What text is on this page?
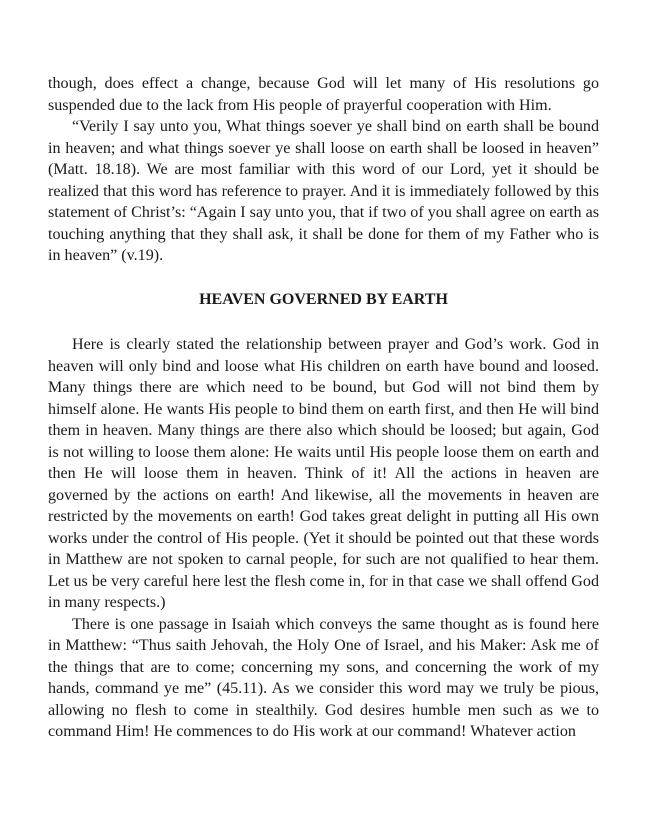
though, does effect a change, because God will let many of His resolutions go suspended due to the lack from His people of prayerful cooperation with Him.

“Verily I say unto you, What things soever ye shall bind on earth shall be bound in heaven; and what things soever ye shall loose on earth shall be loosed in heaven” (Matt. 18.18). We are most familiar with this word of our Lord, yet it should be realized that this word has reference to prayer. And it is immediately followed by this statement of Christ’s: “Again I say unto you, that if two of you shall agree on earth as touching anything that they shall ask, it shall be done for them of my Father who is in heaven” (v.19).

HEAVEN GOVERNED BY EARTH

Here is clearly stated the relationship between prayer and God’s work. God in heaven will only bind and loose what His children on earth have bound and loosed. Many things there are which need to be bound, but God will not bind them by himself alone. He wants His people to bind them on earth first, and then He will bind them in heaven. Many things are there also which should be loosed; but again, God is not willing to loose them alone: He waits until His people loose them on earth and then He will loose them in heaven. Think of it! All the actions in heaven are governed by the actions on earth! And likewise, all the movements in heaven are restricted by the movements on earth! God takes great delight in putting all His own works under the control of His people. (Yet it should be pointed out that these words in Matthew are not spoken to carnal people, for such are not qualified to hear them. Let us be very careful here lest the flesh come in, for in that case we shall offend God in many respects.)

There is one passage in Isaiah which conveys the same thought as is found here in Matthew: “Thus saith Jehovah, the Holy One of Israel, and his Maker: Ask me of the things that are to come; concerning my sons, and concerning the work of my hands, command ye me” (45.11). As we consider this word may we truly be pious, allowing no flesh to come in stealthily. God desires humble men such as we to command Him! He commences to do His work at our command! Whatever action
